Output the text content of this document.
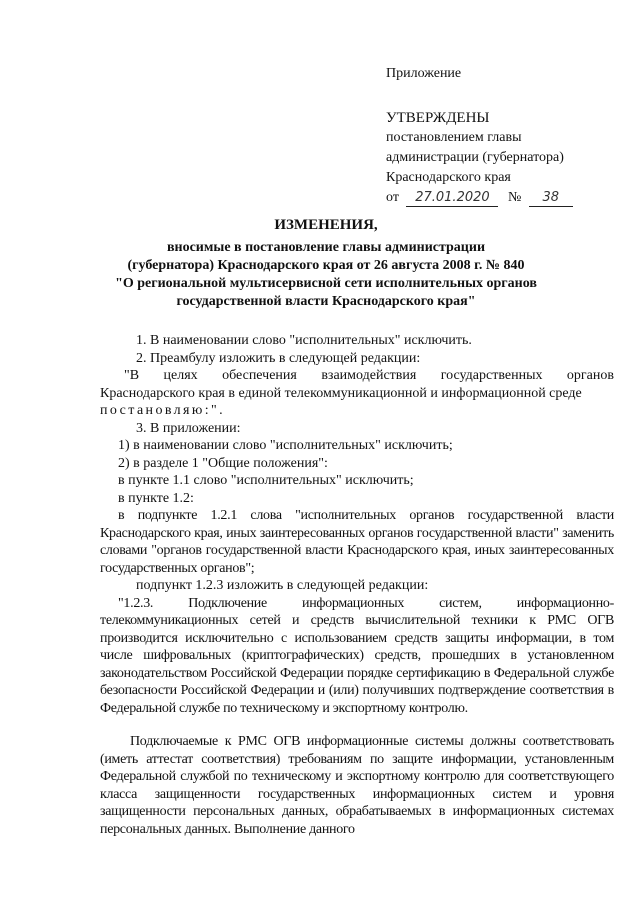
Приложение
УТВЕРЖДЕНЫ
постановлением главы
администрации (губернатора)
Краснодарского края
от 27.01.2020 № 38
ИЗМЕНЕНИЯ,
вносимые в постановление главы администрации
(губернатора) Краснодарского края от 26 августа 2008 г. № 840
"О региональной мультисервисной сети исполнительных органов
государственной власти Краснодарского края"

1. В наименовании слово "исполнительных" исключить.

2. Преамбулу изложить в следующей редакции:

"В целях обеспечения взаимодействия государственных органов

Краснодарского края в единой телекоммуникационной и информационной среде

постановляю:".

3. В приложении:

1) в наименовании слово "исполнительных" исключить;

2) в разделе 1 "Общие положения":

в пункте 1.1 слово "исполнительных" исключить;

в пункте 1.2:

в подпункте 1.2.1 слова "исполнительных органов государственной власти Краснодарского края, иных заинтересованных органов государственной власти" заменить словами "органов государственной власти Краснодарского края, иных заинтересованных государственных органов";

подпункт 1.2.3 изложить в следующей редакции:

"1.2.3. Подключение информационных систем, информационно-телекоммуникационных сетей и средств вычислительной техники к РМС ОГВ производится исключительно с использованием средств защиты информации, в том числе шифровальных (криптографических) средств, прошедших в установленном законодательством Российской Федерации порядке сертификацию в Федеральной службе безопасности Российской Федерации и (или) получивших подтверждение соответствия в Федеральной службе по техническому и экспортному контролю.

Подключаемые к РМС ОГВ информационные системы должны соответствовать (иметь аттестат соответствия) требованиям по защите информации, установленным Федеральной службой по техническому и экспортному контролю для соответствующего класса защищенности государственных информационных систем и уровня защищенности персональных данных, обрабатываемых в информационных системах персональных данных. Выполнение данного
